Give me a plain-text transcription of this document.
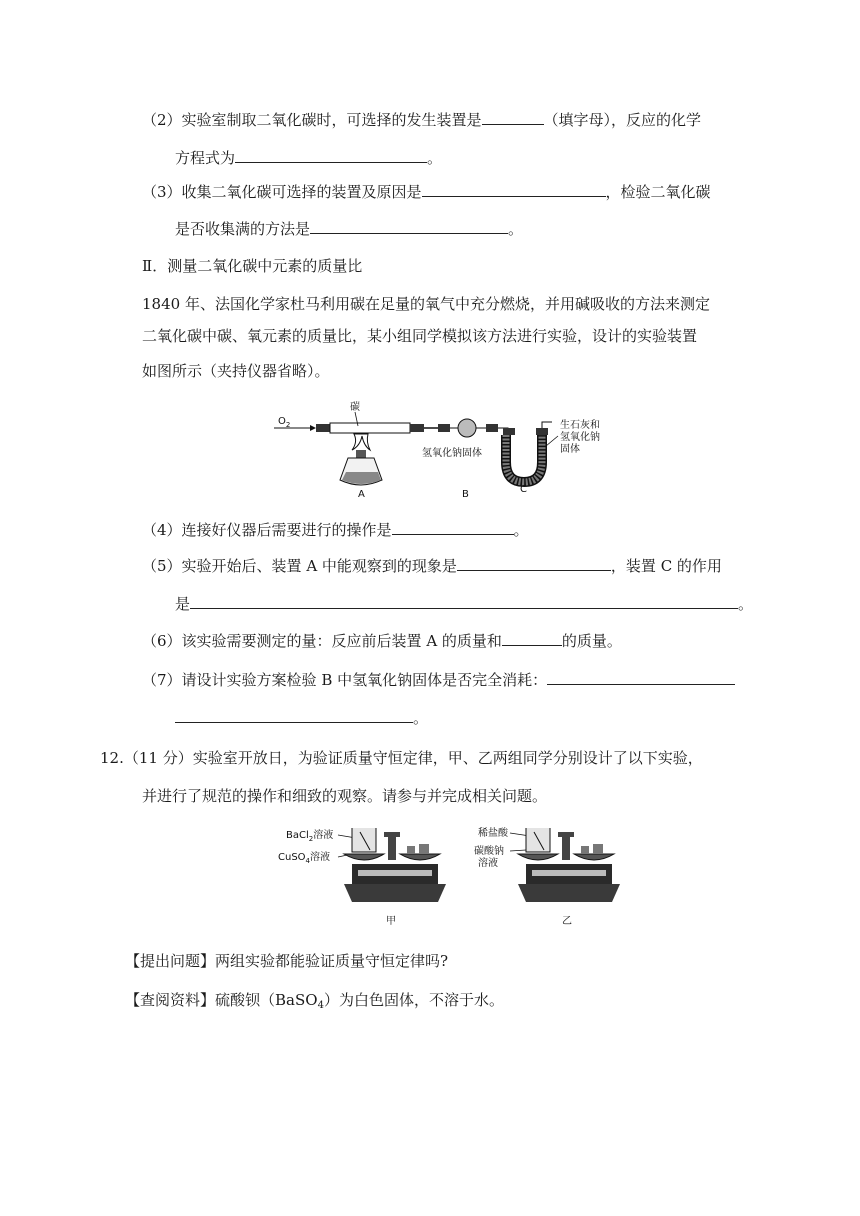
（2）实验室制取二氧化碳时，可选择的发生装置是	（填字母），反应的化学
方程式为	。
（3）收集二氧化碳可选择的装置及原因是	，检验二氧化碳
是否收集满的方法是	。
Ⅱ．测量二氧化碳中元素的质量比
1840 年、法国化学家杜马利用碳在足量的氧气中充分燃烧，并用碱吸收的方法来测定
二氧化碳中碳、氧元素的质量比，某小组同学模拟该方法进行实验，设计的实验装置
如图所示（夹持仪器省略）。
$O_2$
碳
A
氢氧化钠固体
B
生石灰和
氢氧化钠
固体
C
（4）连接好仪器后需要进行的操作是	。
（5）实验开始后、装置 A 中能观察到的现象是	，装置 C 的作用
是	。
（6）该实验需要测定的量：反应前后装置 A 的质量和	的质量。
（7）请设计实验方案检验 B 中氢氧化钠固体是否完全消耗：
。
12.（11 分）实验室开放日，为验证质量守恒定律，甲、乙两组同学分别设计了以下实验，
并进行了规范的操作和细致的观察。请参与并完成相关问题。
BaCl$_2$溶液
CuSO$_4$溶液
甲
稀盐酸
碳酸钠
溶液
乙
【提出问题】两组实验都能验证质量守恒定律吗?
【查阅资料】硫酸钡（BaSO$_4$）为白色固体，不溶于水。
